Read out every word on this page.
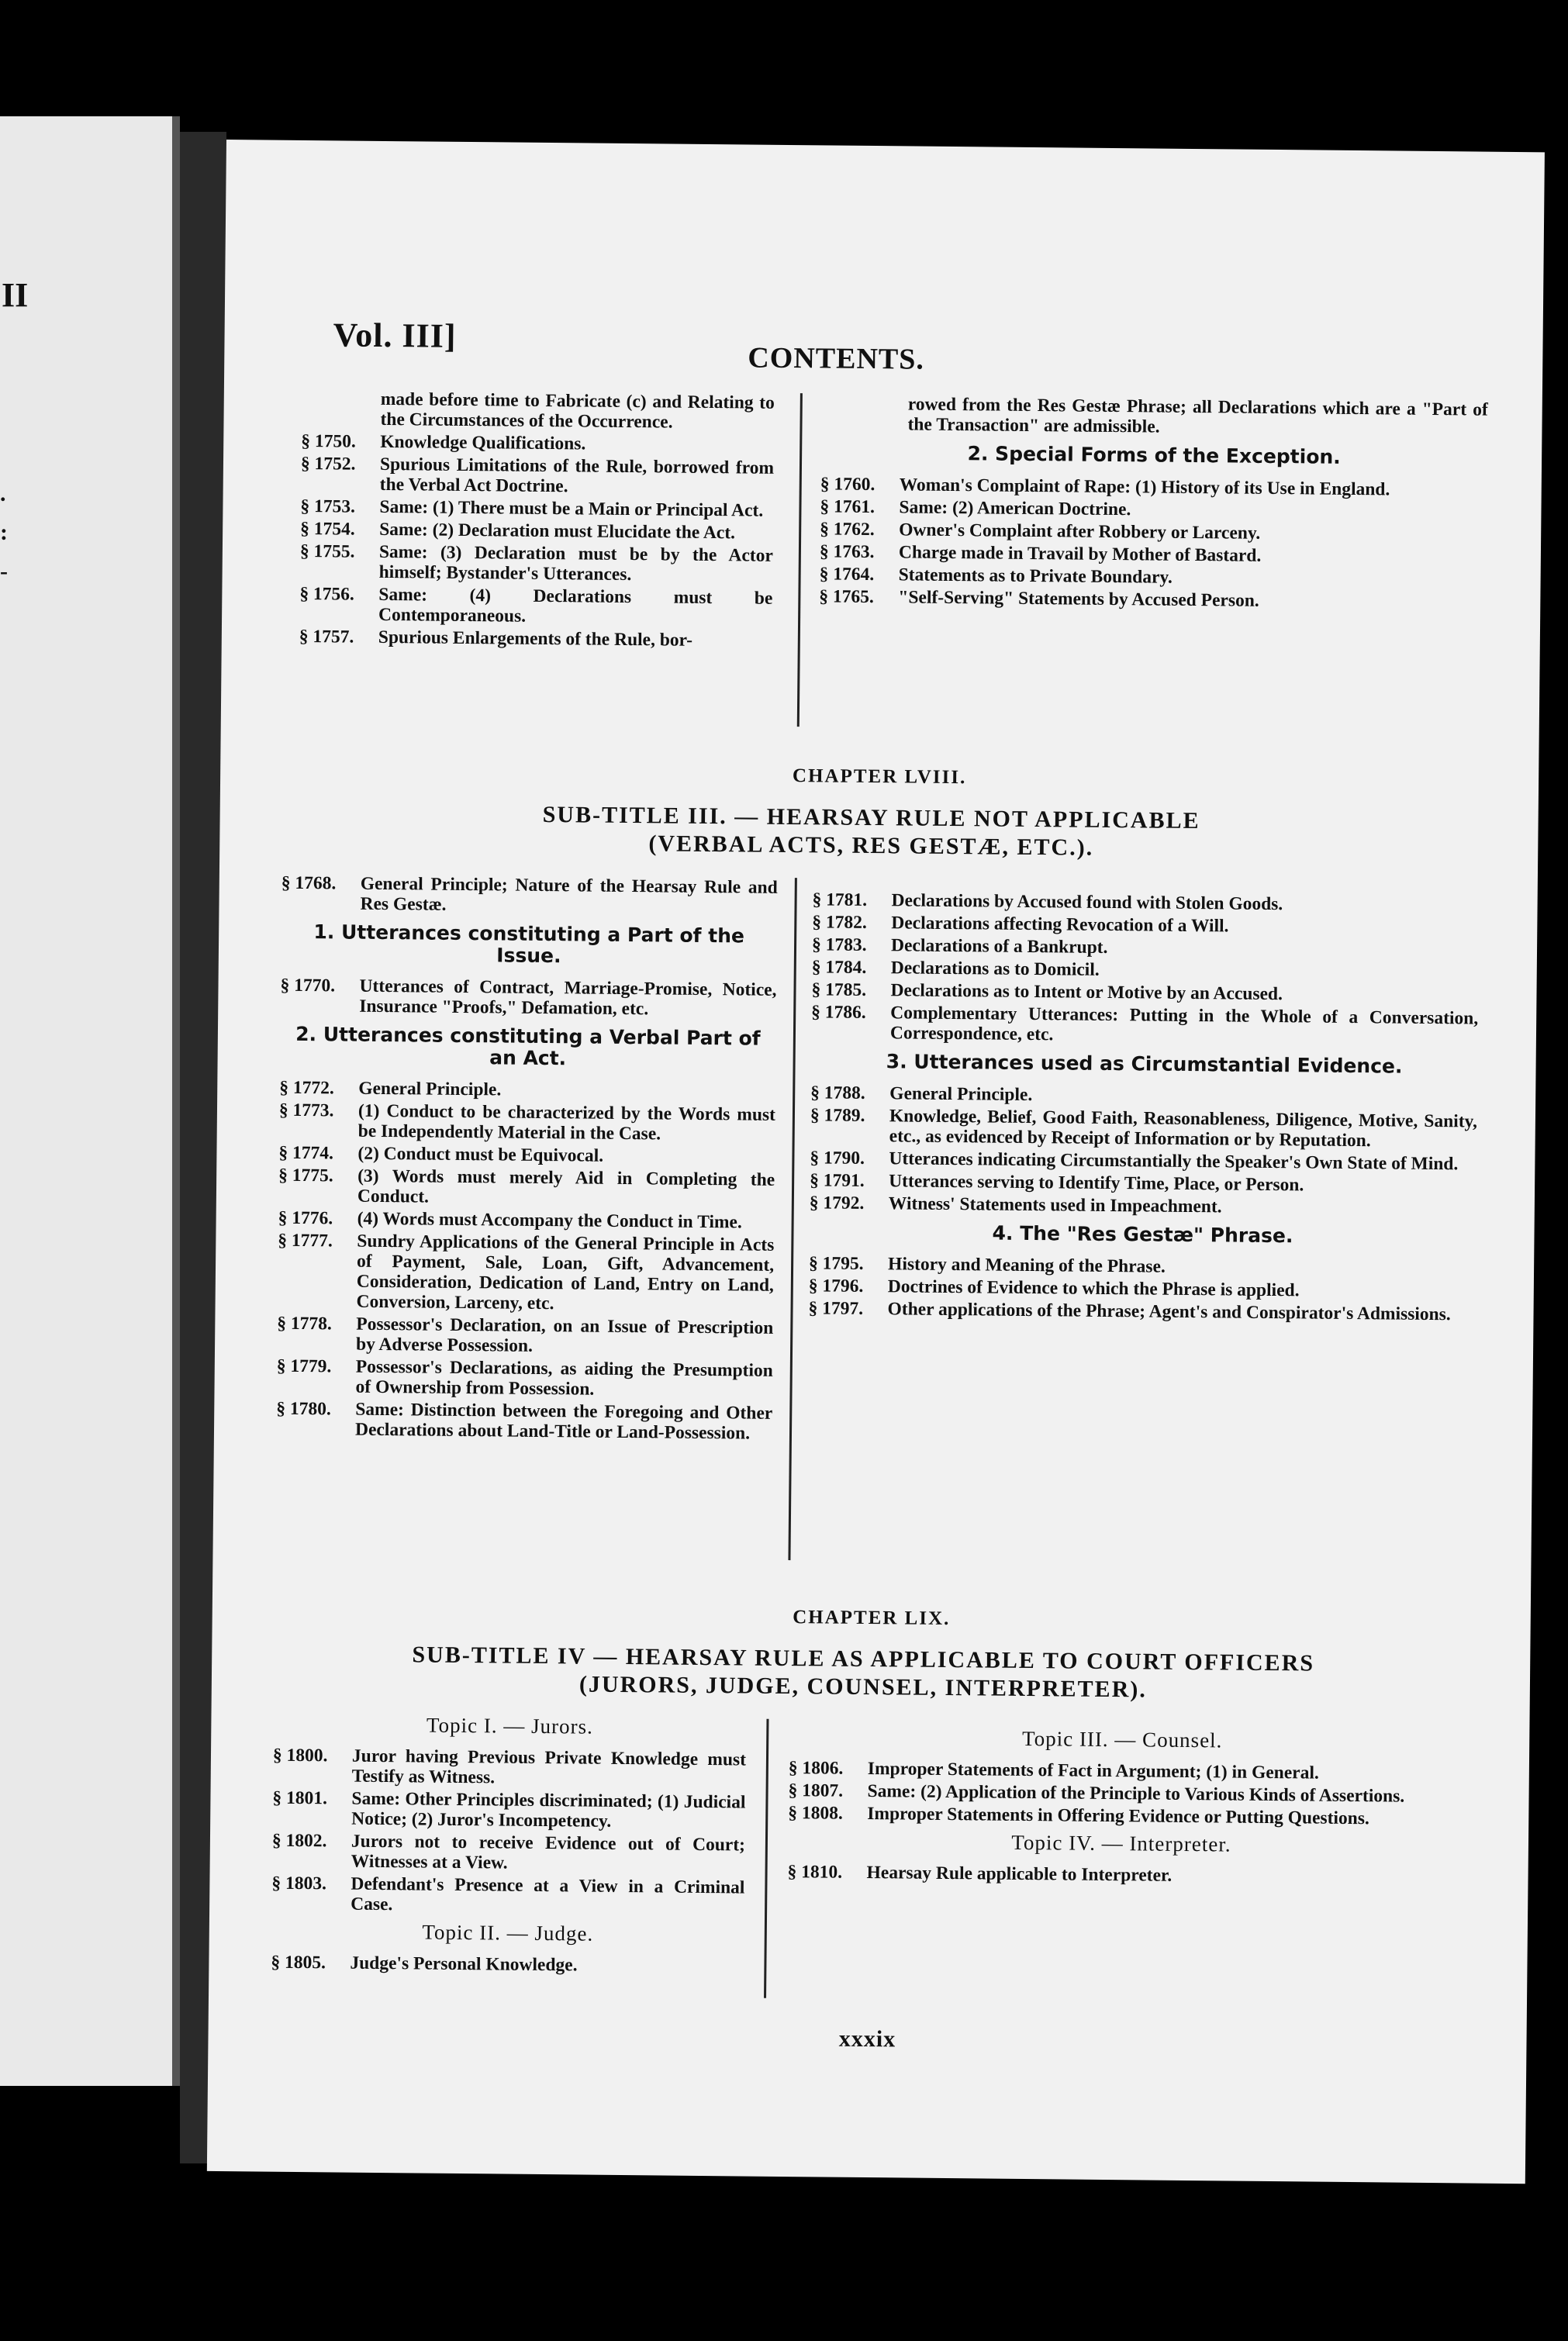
II
.
:
-
Vol. III]
CONTENTS.
made before time to Fabricate (c) and Relating to the Circumstances of the Occurrence.
§ 1750.	Knowledge Qualifications.
§ 1752.	Spurious Limitations of the Rule, borrowed from the Verbal Act Doctrine.
§ 1753.	Same: (1) There must be a Main or Principal Act.
§ 1754.	Same: (2) Declaration must Elucidate the Act.
§ 1755.	Same: (3) Declaration must be by the Actor himself; Bystander's Utterances.
§ 1756.	Same: (4) Declarations must be Contemporaneous.
§ 1757.	Spurious Enlargements of the Rule, bor-
rowed from the Res Gestæ Phrase; all Declarations which are a "Part of the Transaction" are admissible.
2. Special Forms of the Exception.
§ 1760.	Woman's Complaint of Rape: (1) History of its Use in England.
§ 1761.	Same: (2) American Doctrine.
§ 1762.	Owner's Complaint after Robbery or Larceny.
§ 1763.	Charge made in Travail by Mother of Bastard.
§ 1764.	Statements as to Private Boundary.
§ 1765.	"Self-Serving" Statements by Accused Person.
CHAPTER LVIII.
SUB-TITLE III. — HEARSAY RULE NOT APPLICABLE
(VERBAL ACTS, RES GESTÆ, ETC.).
§ 1768.	General Principle; Nature of the Hearsay Rule and Res Gestæ.
1. Utterances constituting a Part of the Issue.
§ 1770.	Utterances of Contract, Marriage-Promise, Notice, Insurance "Proofs," Defamation, etc.
2. Utterances constituting a Verbal Part of an Act.
§ 1772.	General Principle.
§ 1773.	(1) Conduct to be characterized by the Words must be Independently Material in the Case.
§ 1774.	(2) Conduct must be Equivocal.
§ 1775.	(3) Words must merely Aid in Completing the Conduct.
§ 1776.	(4) Words must Accompany the Conduct in Time.
§ 1777.	Sundry Applications of the General Principle in Acts of Payment, Sale, Loan, Gift, Advancement, Consideration, Dedication of Land, Entry on Land, Conversion, Larceny, etc.
§ 1778.	Possessor's Declaration, on an Issue of Prescription by Adverse Possession.
§ 1779.	Possessor's Declarations, as aiding the Presumption of Ownership from Possession.
§ 1780.	Same: Distinction between the Foregoing and Other Declarations about Land-Title or Land-Possession.
§ 1781.	Declarations by Accused found with Stolen Goods.
§ 1782.	Declarations affecting Revocation of a Will.
§ 1783.	Declarations of a Bankrupt.
§ 1784.	Declarations as to Domicil.
§ 1785.	Declarations as to Intent or Motive by an Accused.
§ 1786.	Complementary Utterances: Putting in the Whole of a Conversation, Correspondence, etc.
3. Utterances used as Circumstantial Evidence.
§ 1788.	General Principle.
§ 1789.	Knowledge, Belief, Good Faith, Reasonableness, Diligence, Motive, Sanity, etc., as evidenced by Receipt of Information or by Reputation.
§ 1790.	Utterances indicating Circumstantially the Speaker's Own State of Mind.
§ 1791.	Utterances serving to Identify Time, Place, or Person.
§ 1792.	Witness' Statements used in Impeachment.
4. The "Res Gestæ" Phrase.
§ 1795.	History and Meaning of the Phrase.
§ 1796.	Doctrines of Evidence to which the Phrase is applied.
§ 1797.	Other applications of the Phrase; Agent's and Conspirator's Admissions.
CHAPTER LIX.
SUB-TITLE IV — HEARSAY RULE AS APPLICABLE TO COURT OFFICERS
(JURORS, JUDGE, COUNSEL, INTERPRETER).
Topic I. — Jurors.
§ 1800.	Juror having Previous Private Knowledge must Testify as Witness.
§ 1801.	Same: Other Principles discriminated; (1) Judicial Notice; (2) Juror's Incompetency.
§ 1802.	Jurors not to receive Evidence out of Court; Witnesses at a View.
§ 1803.	Defendant's Presence at a View in a Criminal Case.
Topic II. — Judge.
§ 1805.	Judge's Personal Knowledge.
Topic III. — Counsel.
§ 1806.	Improper Statements of Fact in Argument; (1) in General.
§ 1807.	Same: (2) Application of the Principle to Various Kinds of Assertions.
§ 1808.	Improper Statements in Offering Evidence or Putting Questions.
Topic IV. — Interpreter.
§ 1810.	Hearsay Rule applicable to Interpreter.
xxxix
